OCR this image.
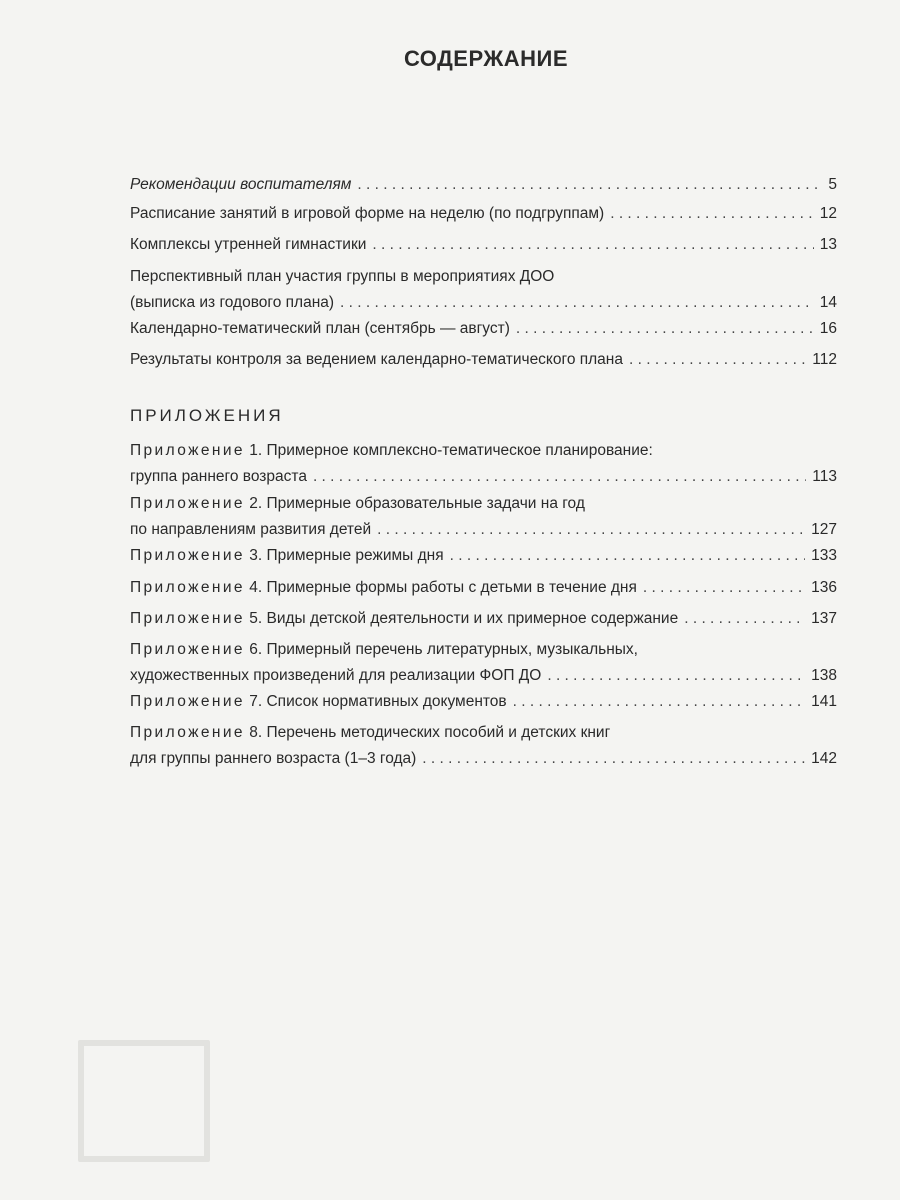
СОДЕРЖАНИЕ
Рекомендации воспитателям . . .	5
Расписание занятий в игровой форме на неделю (по подгруппам) . . .	12
Комплексы утренней гимнастики . . .	13
Перспективный план участия группы в мероприятиях ДОО
(выписка из годового плана) . . .	14
Календарно-тематический план (сентябрь — август) . . .	16
Результаты контроля за ведением календарно-тематического плана . . .	112
ПРИЛОЖЕНИЯ
Приложение 1. Примерное комплексно-тематическое планирование:
группа раннего возраста . . .	113
Приложение 2. Примерные образовательные задачи на год
по направлениям развития детей . . .	127
Приложение 3. Примерные режимы дня . . .	133
Приложение 4. Примерные формы работы с детьми в течение дня . . .	136
Приложение 5. Виды детской деятельности и их примерное содержание . . .	137
Приложение 6. Примерный перечень литературных, музыкальных,
художественных произведений для реализации ФОП ДО . . .	138
Приложение 7. Список нормативных документов . . .	141
Приложение 8. Перечень методических пособий и детских книг
для группы раннего возраста (1–3 года) . . .	142
